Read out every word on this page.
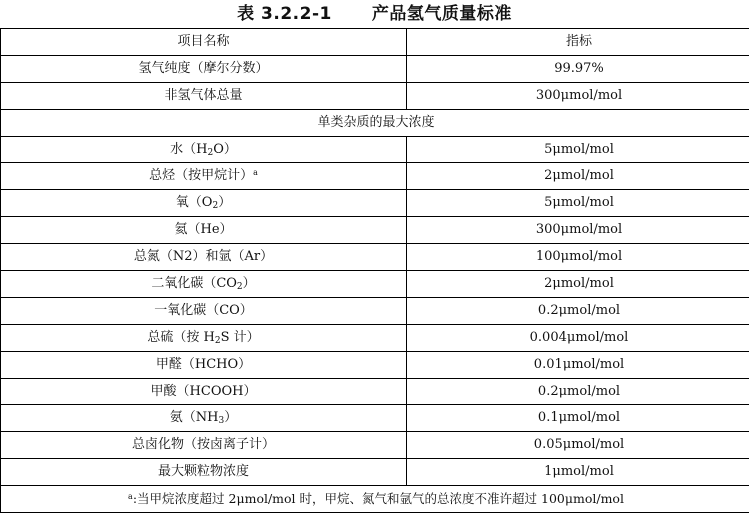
表 3.2.2-1 产品氢气质量标准
项目名称	指标
氢气纯度（摩尔分数）	99.97%
非氢气体总量	300μmol/mol
单类杂质的最大浓度	
水$(H_2O)$	5μmol/mol
总烃（按甲烷计）$^a$	2μmol/mol
氧$(O_2)$	5μmol/mol
氦（He）	300μmol/mol
总氮（N2）和氩（Ar）	100μmol/mol
二氧化碳$(CO_2)$	2μmol/mol
一氧化碳（CO）	0.2μmol/mol
总硫（按 $H_2S$ 计）	0.004μmol/mol
甲醛（HCHO）	0.01μmol/mol
甲酸（HCOOH）	0.2μmol/mol
氨$(NH_3)$	0.1μmol/mol
总卤化物（按卤离子计）	0.05μmol/mol
最大颗粒物浓度	1μmol/mol
$^a$:当甲烷浓度超过 2μmol/mol 时，甲烷、氮气和氩气的总浓度不准许超过 100μmol/mol	
